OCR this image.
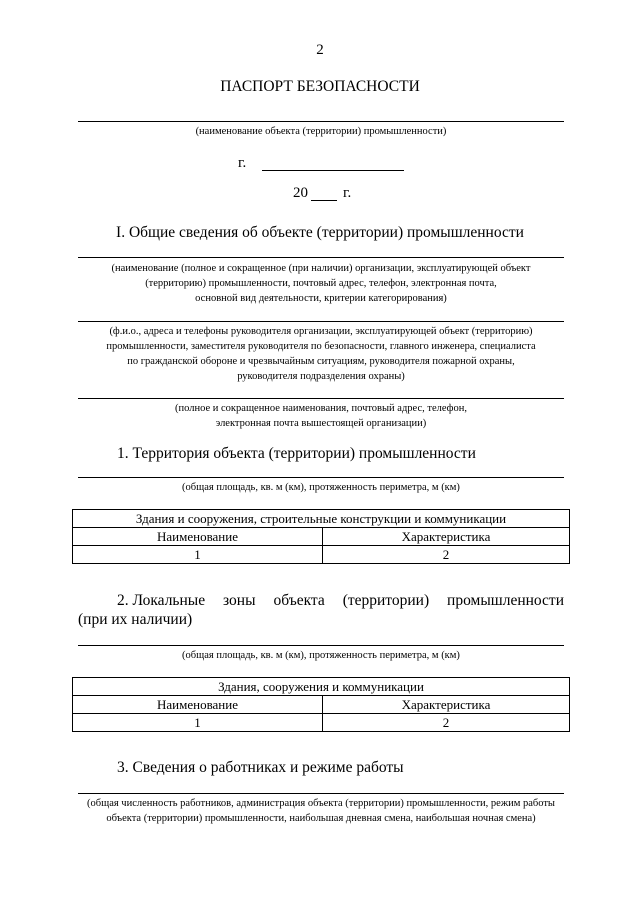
2
ПАСПОРТ БЕЗОПАСНОСТИ
(наименование объекта (территории) промышленности)
г.
20 г.
I. Общие сведения об объекте (территории) промышленности
(наименование (полное и сокращенное (при наличии) организации, эксплуатирующей объект
(территорию) промышленности, почтовый адрес, телефон, электронная почта,
основной вид деятельности, критерии категорирования)
(ф.и.о., адреса и телефоны руководителя организации, эксплуатирующей объект (территорию)
промышленности, заместителя руководителя по безопасности, главного инженера, специалиста
по гражданской обороне и чрезвычайным ситуациям, руководителя пожарной охраны,
руководителя подразделения охраны)
(полное и сокращенное наименования, почтовый адрес, телефон,
электронная почта вышестоящей организации)
1. Территория объекта (территории) промышленности
(общая площадь, кв. м (км), протяженность периметра, м (км)
Здания и сооружения, строительные конструкции и коммуникации	
Наименование	Характеристика
1	2
2. Локальные зоны объекта (территории) промышленности
(при их наличии)
(общая площадь, кв. м (км), протяженность периметра, м (км)
Здания, сооружения и коммуникации	
Наименование	Характеристика
1	2
3. Сведения о работниках и режиме работы
(общая численность работников, администрация объекта (территории) промышленности, режим работы
объекта (территории) промышленности, наибольшая дневная смена, наибольшая ночная смена)
